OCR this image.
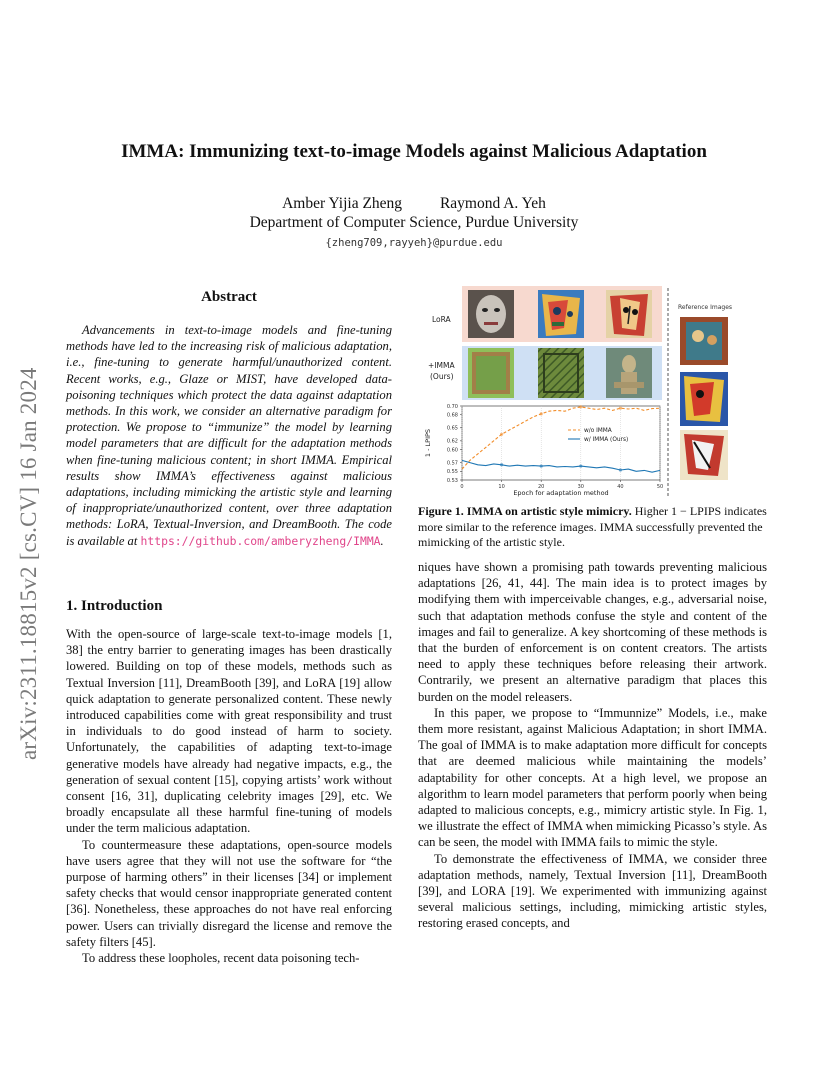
arXiv:2311.18815v2 [cs.CV] 16 Jan 2024
IMMA: Immunizing text-to-image Models against Malicious Adaptation
Amber Yijia Zheng Raymond A. Yeh
Department of Computer Science, Purdue University
{zheng709,rayyeh}@purdue.edu
Abstract
Advancements in text-to-image models and fine-tuning methods have led to the increasing risk of malicious adaptation, i.e., fine-tuning to generate harmful/unauthorized content. Recent works, e.g., Glaze or MIST, have developed data-poisoning techniques which protect the data against adaptation methods. In this work, we consider an alternative paradigm for protection. We propose to “immunize” the model by learning model parameters that are difficult for the adaptation methods when fine-tuning malicious content; in short IMMA. Empirical results show IMMA’s effectiveness against malicious adaptations, including mimicking the artistic style and learning of inappropriate/unauthorized content, over three adaptation methods: LoRA, Textual-Inversion, and DreamBooth. The code is available at https://github.com/amberyzheng/IMMA.
1. Introduction

With the open-source of large-scale text-to-image models [1, 38] the entry barrier to generating images has been drastically lowered. Building on top of these models, methods such as Textual Inversion [11], DreamBooth [39], and LoRA [19] allow quick adaptation to generate personalized content. These newly introduced capabilities come with great responsibility and trust in individuals to do good instead of harm to society. Unfortunately, the capabilities of adapting text-to-image generative models have already had negative impacts, e.g., the generation of sexual content [15], copying artists’ work without consent [16, 31], duplicating celebrity images [29], etc. We broadly encapsulate all these harmful fine-tuning of models under the term malicious adaptation.

To countermeasure these adaptations, open-source models have users agree that they will not use the software for “the purpose of harming others” in their licenses [34] or implement safety checks that would censor inappropriate generated content [36]. Nonetheless, these approaches do not have real enforcing power. Users can trivially disregard the license and remove the safety filters [45].

To address these loopholes, recent data poisoning tech-

LoRA
+IMMA
(Ours)
Reference Images
0.53
0.55
0.57
0.60
0.62
0.65
0.68
0.70
0	10	20	30	40	50
Epoch for adaptation method
1 - LPIPS	w/o IMMA
w/ IMMA (Ours)
Figure 1. IMMA on artistic style mimicry. Higher 1 − LPIPS indicates more similar to the reference images. IMMA successfully prevented the mimicking of the artistic style.

niques have shown a promising path towards preventing malicious adaptations [26, 41, 44]. The main idea is to protect images by modifying them with imperceivable changes, e.g., adversarial noise, such that adaptation methods confuse the style and content of the images and fail to generalize. A key shortcoming of these methods is that the burden of enforcement is on content creators. The artists need to apply these techniques before releasing their artwork. Contrarily, we present an alternative paradigm that places this burden on the model releasers.

In this paper, we propose to “Immunnize” Models, i.e., make them more resistant, against Malicious Adaptation; in short IMMA. The goal of IMMA is to make adaptation more difficult for concepts that are deemed malicious while maintaining the models’ adaptability for other concepts. At a high level, we propose an algorithm to learn model parameters that perform poorly when being adapted to malicious concepts, e.g., mimicry artistic style. In Fig. 1, we illustrate the effect of IMMA when mimicking Picasso’s style. As can be seen, the model with IMMA fails to mimic the style.

To demonstrate the effectiveness of IMMA, we consider three adaptation methods, namely, Textual Inversion [11], DreamBooth [39], and LORA [19]. We experimented with immunizing against several malicious settings, including, mimicking artistic styles, restoring erased concepts, and
